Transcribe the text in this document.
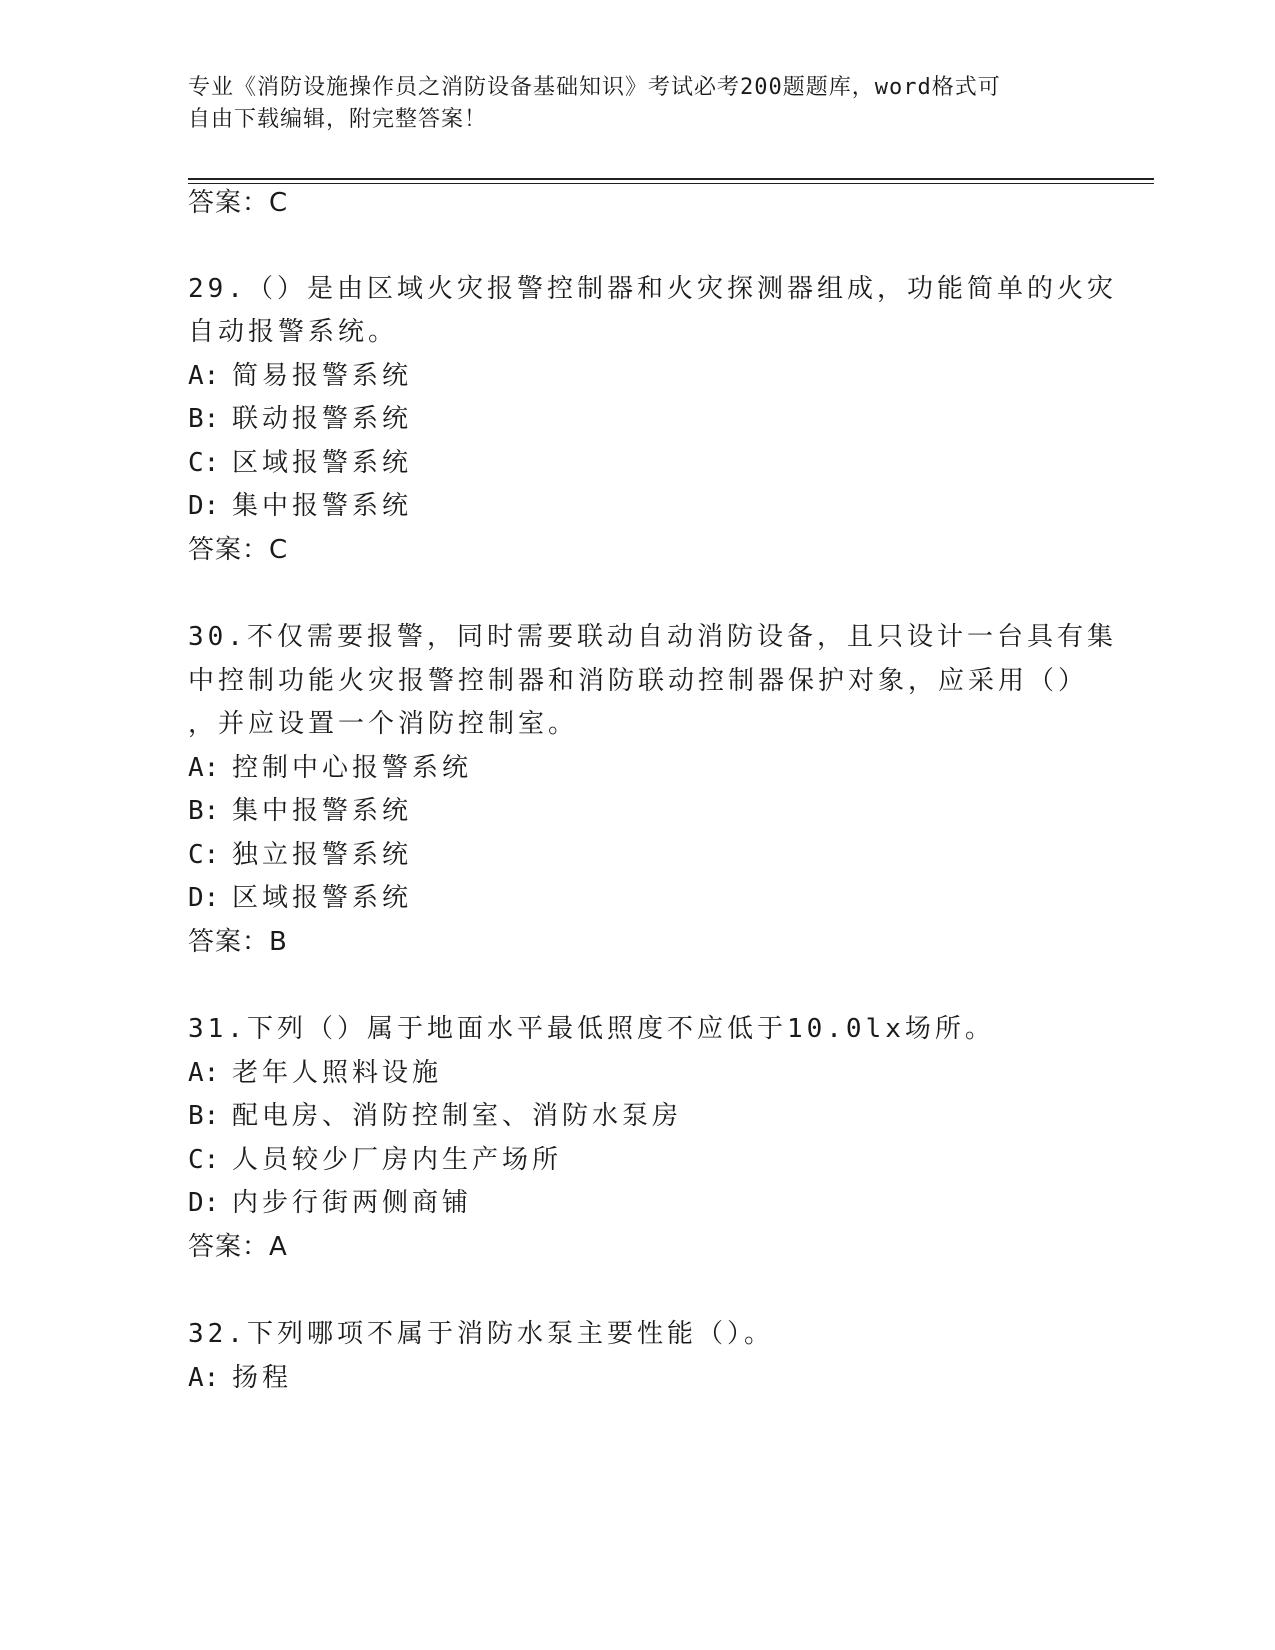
专业《消防设施操作员之消防设备基础知识》考试必考200题题库，word格式可
自由下载编辑，附完整答案！
答案：C
29.（）是由区域火灾报警控制器和火灾探测器组成，功能简单的火灾
自动报警系统。
A: 简易报警系统
B: 联动报警系统
C: 区域报警系统
D: 集中报警系统
答案：C
30.不仅需要报警，同时需要联动自动消防设备，且只设计一台具有集
中控制功能火灾报警控制器和消防联动控制器保护对象，应采用（）
，并应设置一个消防控制室。
A: 控制中心报警系统
B: 集中报警系统
C: 独立报警系统
D: 区域报警系统
答案：B
31.下列（）属于地面水平最低照度不应低于10.0lx场所。
A: 老年人照料设施
B: 配电房、消防控制室、消防水泵房
C: 人员较少厂房内生产场所
D: 内步行街两侧商铺
答案：A
32.下列哪项不属于消防水泵主要性能（）。
A: 扬程
